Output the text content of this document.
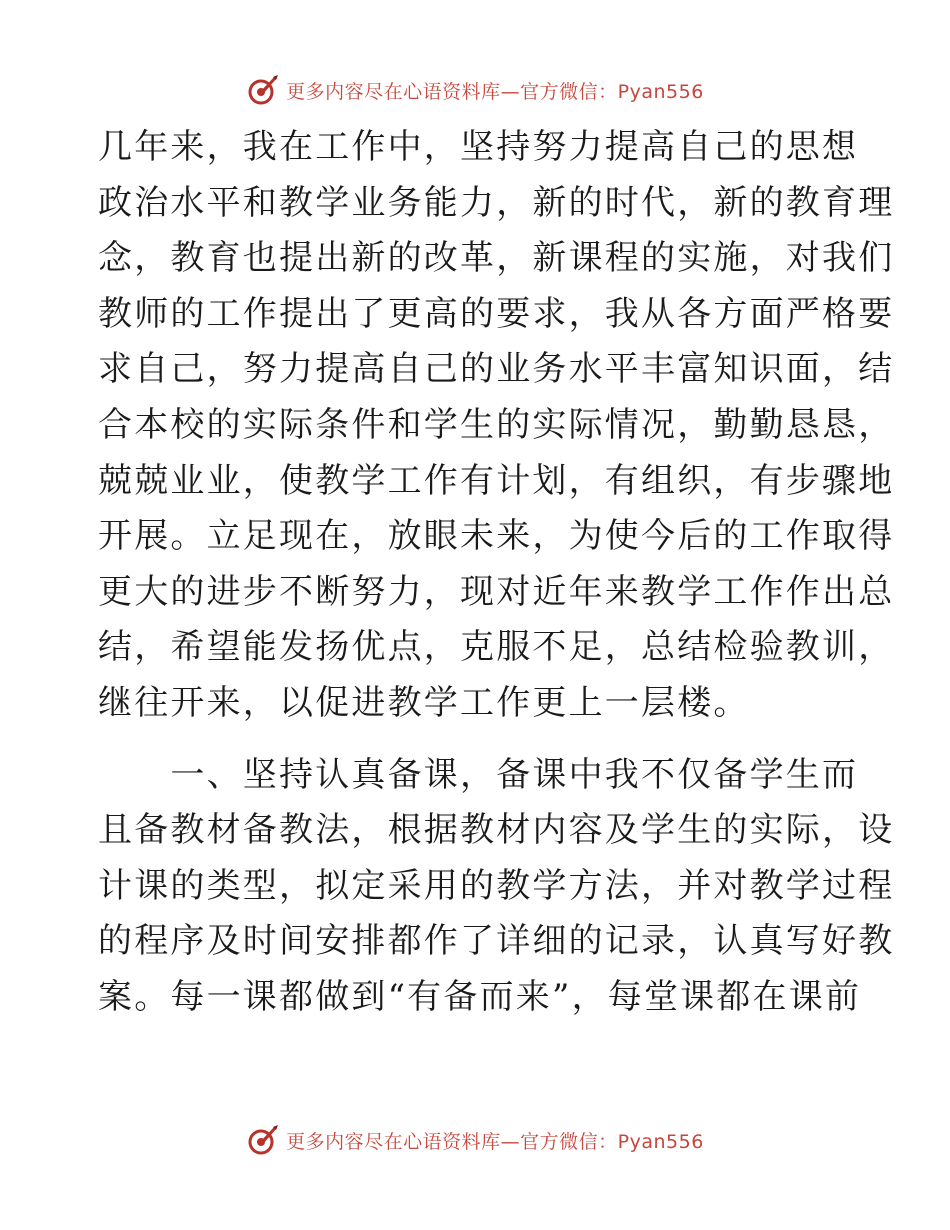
更多内容尽在心语资料库—官方微信：Pyan556
几年来，我在工作中，坚持努力提高自己的思想
政治水平和教学业务能力，新的时代，新的教育理
念，教育也提出新的改革，新课程的实施，对我们
教师的工作提出了更高的要求，我从各方面严格要
求自己，努力提高自己的业务水平丰富知识面，结
合本校的实际条件和学生的实际情况，勤勤恳恳，
兢兢业业，使教学工作有计划，有组织，有步骤地
开展。立足现在，放眼未来，为使今后的工作取得
更大的进步不断努力，现对近年来教学工作作出总
结，希望能发扬优点，克服不足，总结检验教训，
继往开来，以促进教学工作更上一层楼。
　　一、坚持认真备课，备课中我不仅备学生而
且备教材备教法，根据教材内容及学生的实际，设
计课的类型，拟定采用的教学方法，并对教学过程
的程序及时间安排都作了详细的记录，认真写好教
案。每一课都做到“有备而来”，每堂课都在课前
更多内容尽在心语资料库—官方微信：Pyan556
